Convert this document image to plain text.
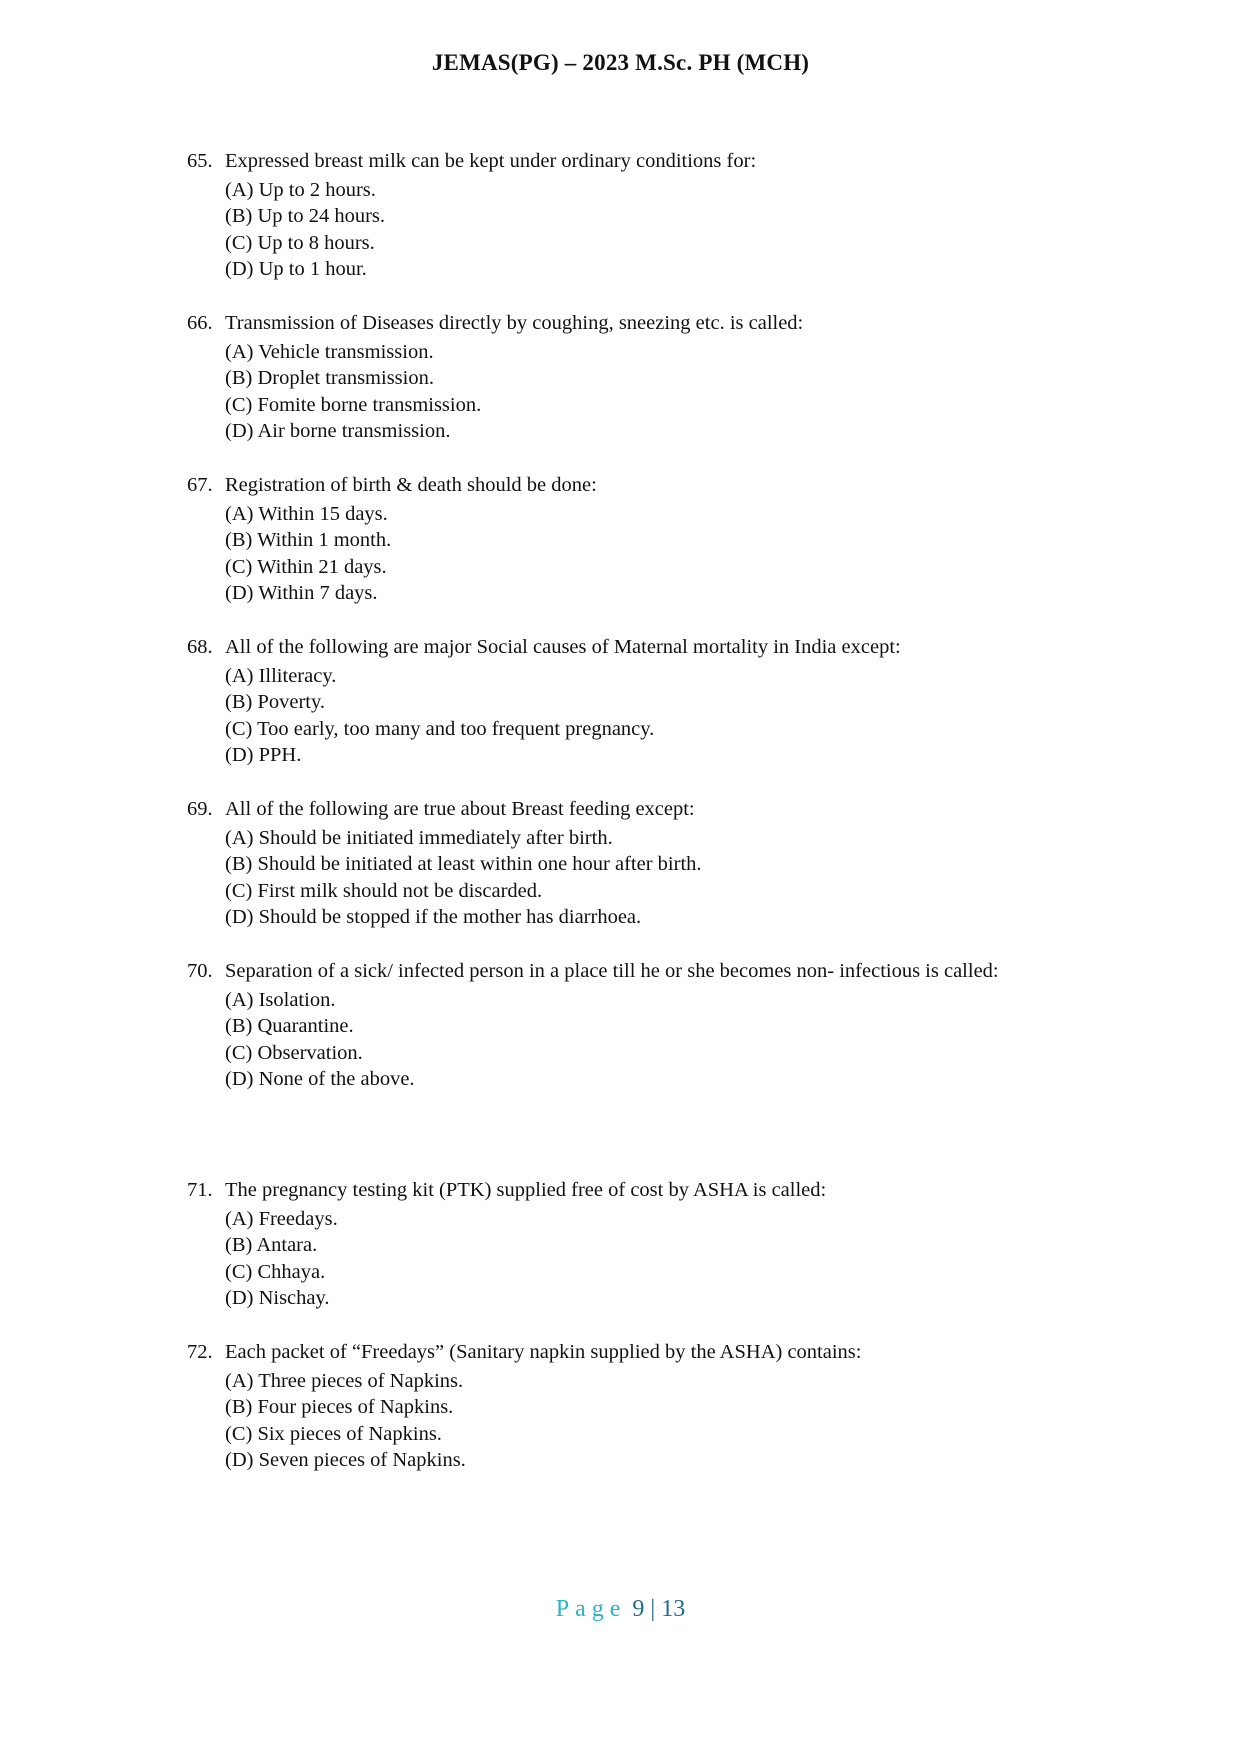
JEMAS(PG) – 2023 M.Sc. PH (MCH)
65. Expressed breast milk can be kept under ordinary conditions for:
(A) Up to 2 hours.
(B) Up to 24 hours.
(C) Up to 8 hours.
(D) Up to 1 hour.
66. Transmission of Diseases directly by coughing, sneezing etc. is called:
(A) Vehicle transmission.
(B) Droplet transmission.
(C) Fomite borne transmission.
(D) Air borne transmission.
67. Registration of birth & death should be done:
(A) Within 15 days.
(B) Within 1 month.
(C) Within 21 days.
(D) Within 7 days.
68. All of the following are major Social causes of Maternal mortality in India except:
(A) Illiteracy.
(B) Poverty.
(C) Too early, too many and too frequent pregnancy.
(D) PPH.
69. All of the following are true about Breast feeding except:
(A) Should be initiated immediately after birth.
(B) Should be initiated at least within one hour after birth.
(C) First milk should not be discarded.
(D) Should be stopped if the mother has diarrhoea.
70. Separation of a sick/ infected person in a place till he or she becomes non- infectious is called:
(A) Isolation.
(B) Quarantine.
(C) Observation.
(D) None of the above.
71. The pregnancy testing kit (PTK) supplied free of cost by ASHA is called:
(A) Freedays.
(B) Antara.
(C) Chhaya.
(D) Nischay.
72. Each packet of “Freedays” (Sanitary napkin supplied by the ASHA) contains:
(A) Three pieces of Napkins.
(B) Four pieces of Napkins.
(C) Six pieces of Napkins.
(D) Seven pieces of Napkins.
Page 9 | 13
